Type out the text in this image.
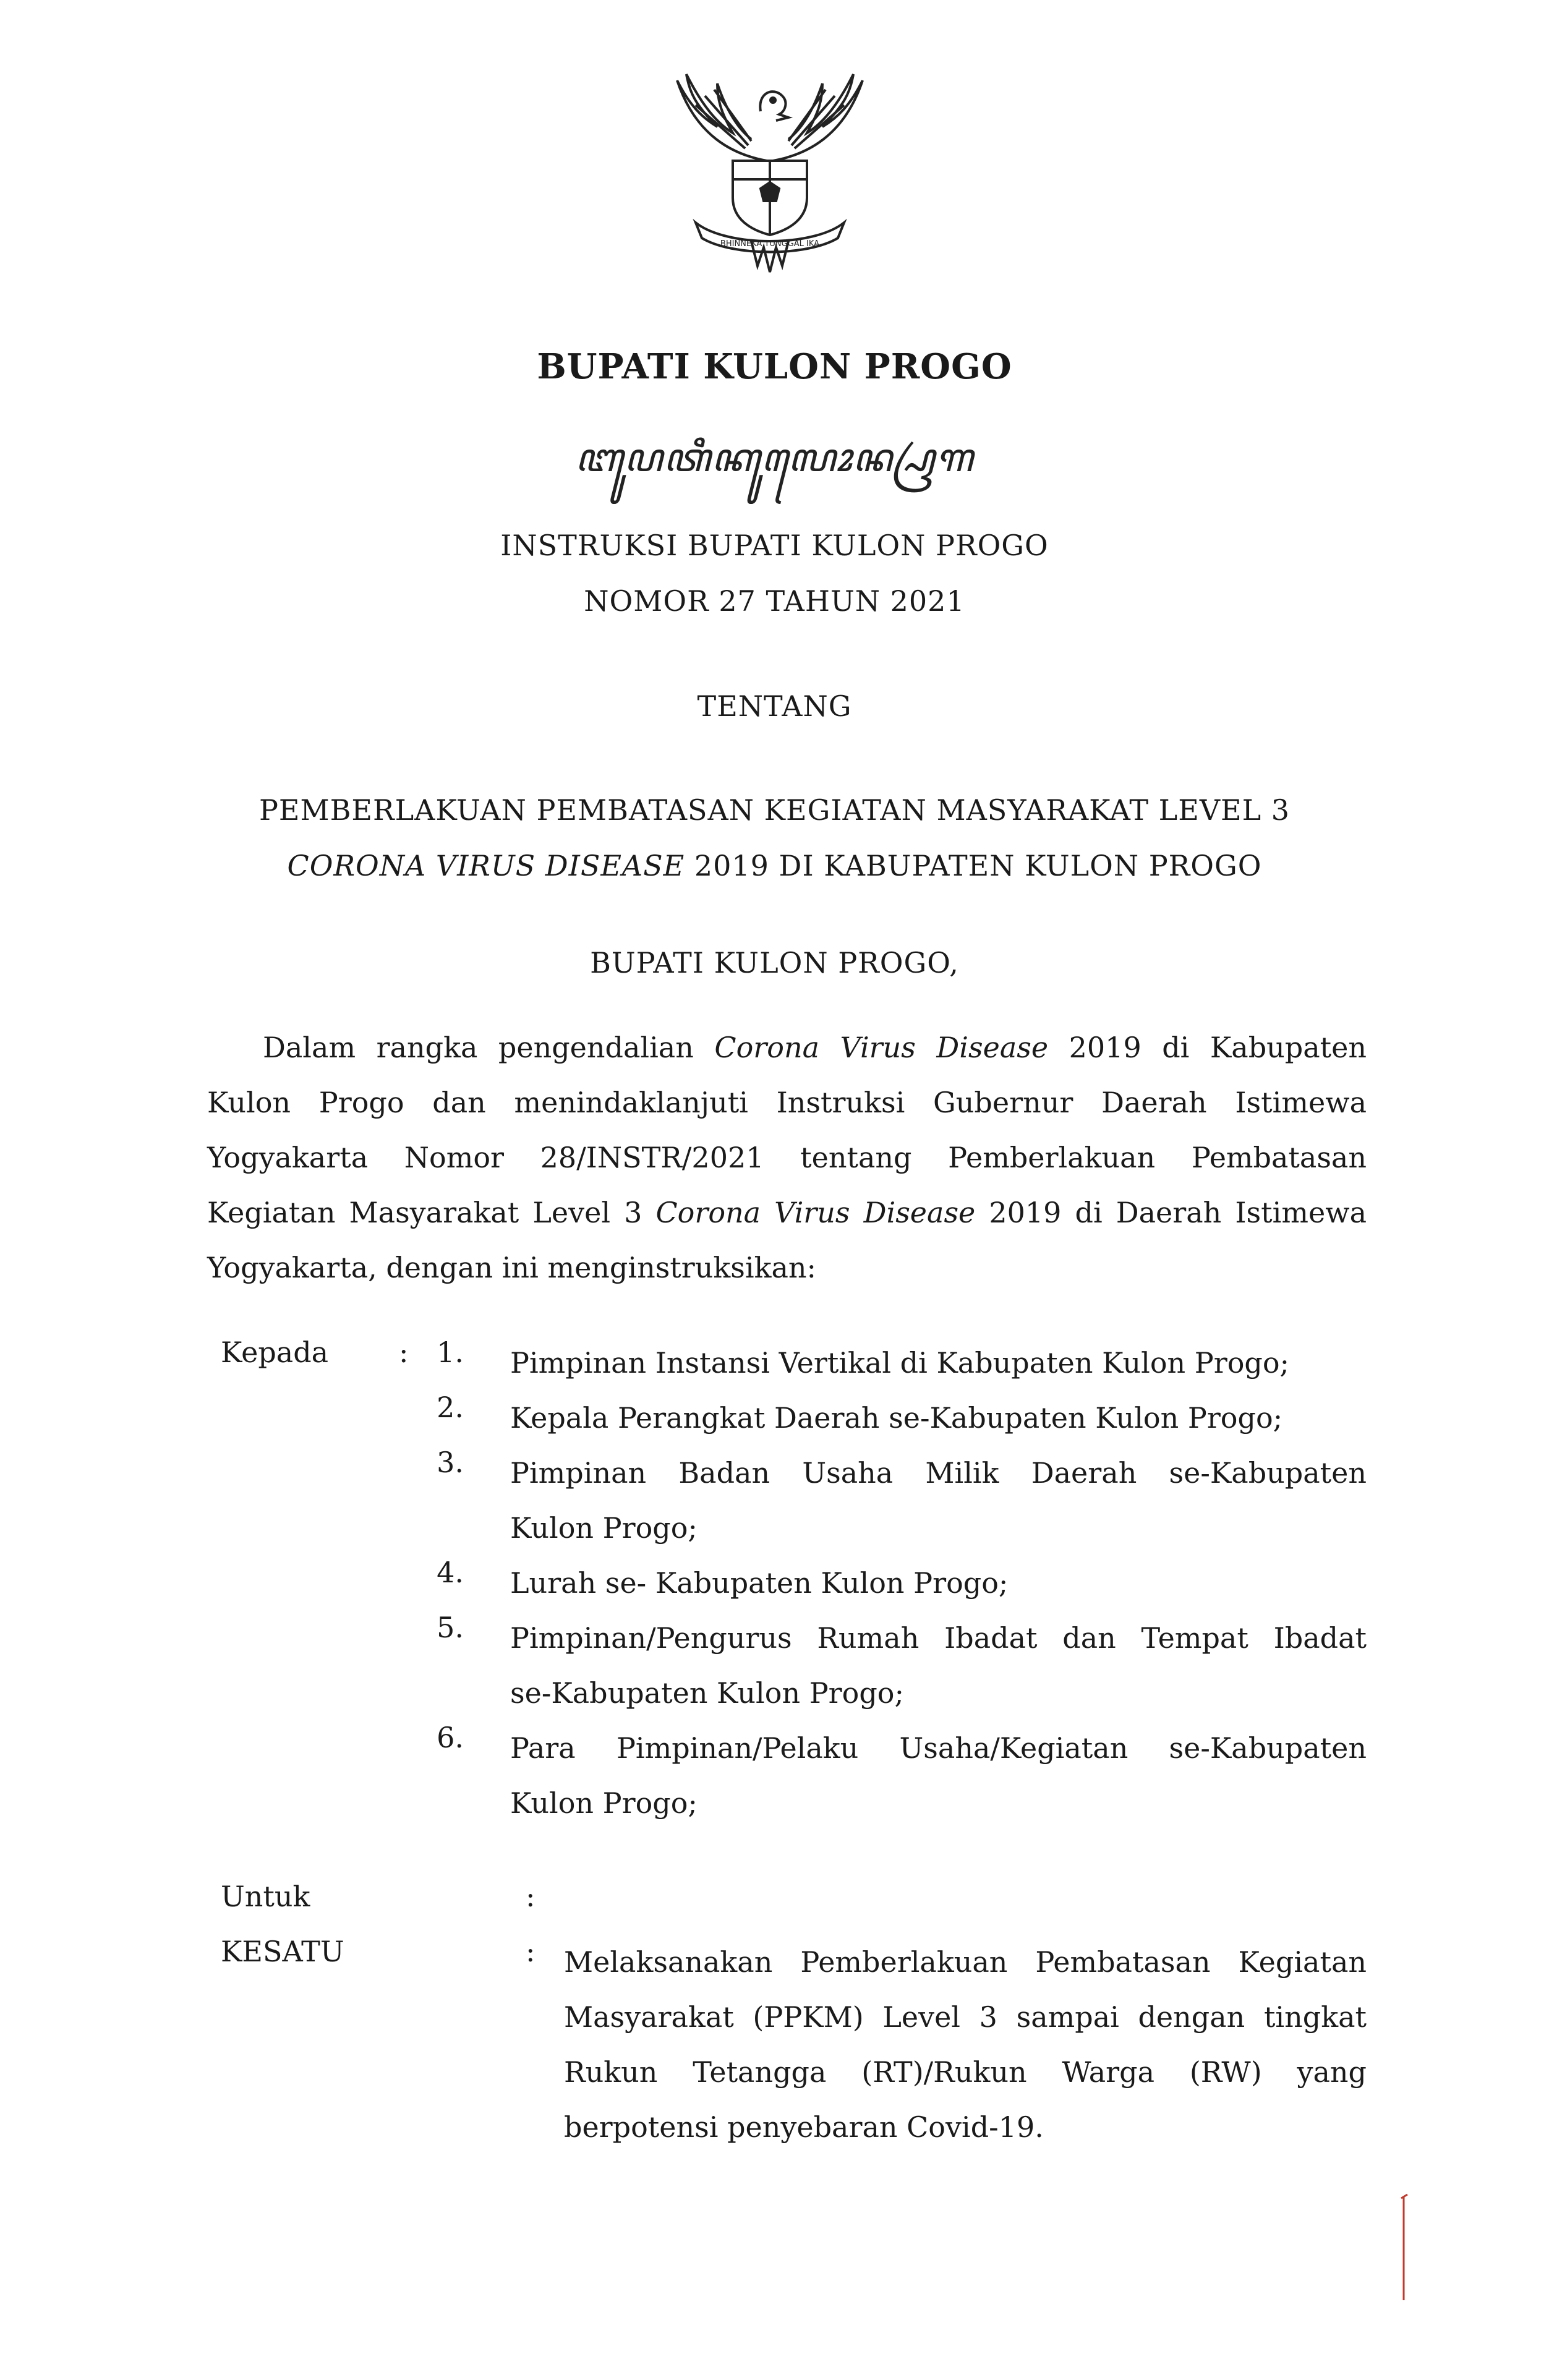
BHINNEKA TUNGGAL IKA
BUPATI KULON PROGO
ꦧꦸꦥꦠꦶꦏꦸꦭꦺꦴꦤ꧀ꦥꦿꦒ
INSTRUKSI BUPATI KULON PROGO
NOMOR 27 TAHUN 2021
TENTANG
PEMBERLAKUAN PEMBATASAN KEGIATAN MASYARAKAT LEVEL 3
CORONA VIRUS DISEASE 2019 DI KABUPATEN KULON PROGO
BUPATI KULON PROGO,
Dalam rangka pengendalian Corona Virus Disease 2019 di Kabupaten
Kulon Progo dan menindaklanjuti Instruksi Gubernur Daerah Istimewa
Yogyakarta Nomor 28/INSTR/2021 tentang Pemberlakuan Pembatasan
Kegiatan Masyarakat Level 3 Corona Virus Disease 2019 di Daerah Istimewa
Yogyakarta, dengan ini menginstruksikan:
Kepada : 1. Pimpinan Instansi Vertikal di Kabupaten Kulon Progo;
2. Kepala Perangkat Daerah se-Kabupaten Kulon Progo;
3. Pimpinan Badan Usaha Milik Daerah se-Kabupaten
Kulon Progo;
4. Lurah se- Kabupaten Kulon Progo;
5. Pimpinan/Pengurus Rumah Ibadat dan Tempat Ibadat
se-Kabupaten Kulon Progo;
6. Para Pimpinan/Pelaku Usaha/Kegiatan se-Kabupaten
Kulon Progo;
Untuk	:
KESATU	: Melaksanakan Pemberlakuan Pembatasan Kegiatan
Masyarakat (PPKM) Level 3 sampai dengan tingkat
Rukun Tetangga (RT)/Rukun Warga (RW) yang
berpotensi penyebaran Covid-19.
